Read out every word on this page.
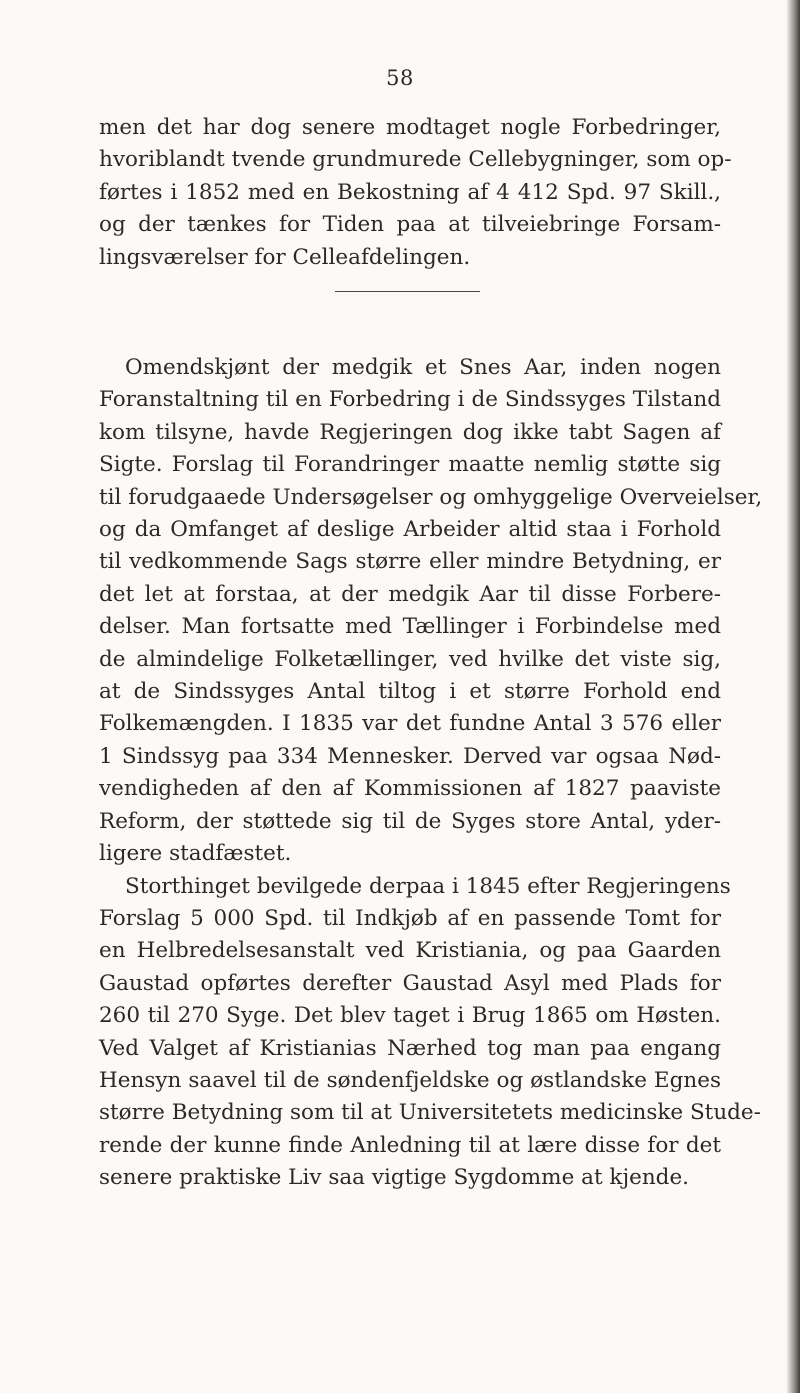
58
men det har dog senere modtaget nogle Forbedringer,
hvoriblandt tvende grundmurede Cellebygninger, som op-
førtes i 1852 med en Bekostning af 4 412 Spd. 97 Skill.,
og der tænkes for Tiden paa at tilveiebringe Forsam-
lingsværelser for Celleafdelingen.
Omendskjønt der medgik et Snes Aar, inden nogen
Foranstaltning til en Forbedring i de Sindssyges Tilstand
kom tilsyne, havde Regjeringen dog ikke tabt Sagen af
Sigte. Forslag til Forandringer maatte nemlig støtte sig
til forudgaaede Undersøgelser og omhyggelige Overveielser,
og da Omfanget af deslige Arbeider altid staa i Forhold
til vedkommende Sags større eller mindre Betydning, er
det let at forstaa, at der medgik Aar til disse Forbere-
delser. Man fortsatte med Tællinger i Forbindelse med
de almindelige Folketællinger, ved hvilke det viste sig,
at de Sindssyges Antal tiltog i et større Forhold end
Folkemængden. I 1835 var det fundne Antal 3 576 eller
1 Sindssyg paa 334 Mennesker. Derved var ogsaa Nød-
vendigheden af den af Kommissionen af 1827 paaviste
Reform, der støttede sig til de Syges store Antal, yder-
ligere stadfæstet.
Storthinget bevilgede derpaa i 1845 efter Regjeringens
Forslag 5 000 Spd. til Indkjøb af en passende Tomt for
en Helbredelsesanstalt ved Kristiania, og paa Gaarden
Gaustad opførtes derefter Gaustad Asyl med Plads for
260 til 270 Syge. Det blev taget i Brug 1865 om Høsten.
Ved Valget af Kristianias Nærhed tog man paa engang
Hensyn saavel til de søndenfjeldske og østlandske Egnes
større Betydning som til at Universitetets medicinske Stude-
rende der kunne finde Anledning til at lære disse for det
senere praktiske Liv saa vigtige Sygdomme at kjende.
